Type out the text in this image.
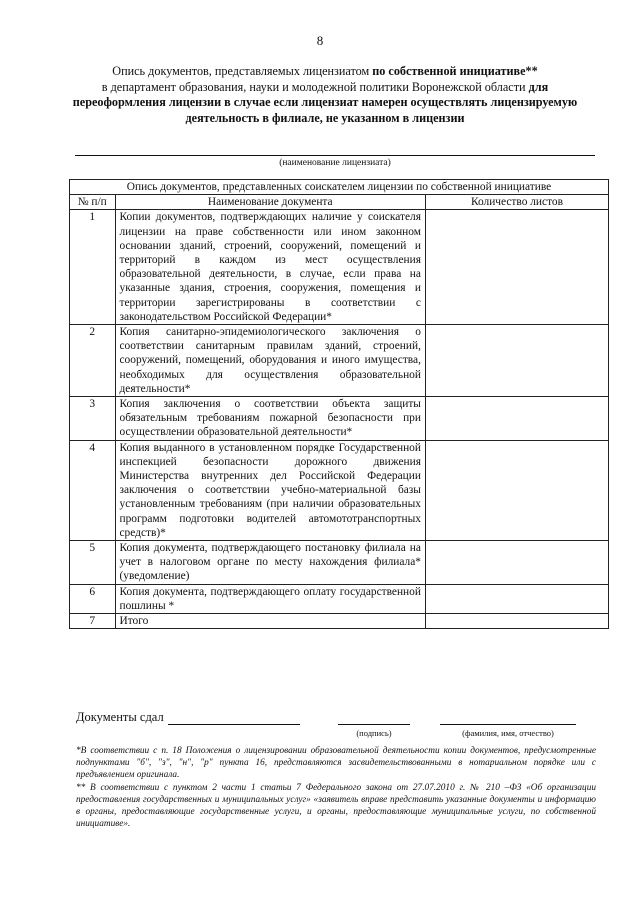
8
Опись документов, представляемых лицензиатом по собственной инициативе**
в департамент образования, науки и молодежной политики Воронежской области для
переоформления лицензии в случае если лицензиат намерен осуществлять лицензируемую деятельность в филиале, не указанном в лицензии
(наименование лицензиата)
Опись документов, представленных соискателем лицензии по собственной инициативе		
№ п/п	Наименование документа	Количество листов
1	Копии документов, подтверждающих наличие у соискателя лицензии на праве собственности или ином законном основании зданий, строений, сооружений, помещений и территорий в каждом из мест осуществления образовательной деятельности, в случае, если права на указанные здания, строения, сооружения, помещения и территории зарегистрированы в соответствии с законодательством Российской Федерации*	
2	Копия санитарно-эпидемиологического заключения о соответствии санитарным правилам зданий, строений, сооружений, помещений, оборудования и иного имущества, необходимых для осуществления образовательной деятельности*	
3	Копия заключения о соответствии объекта защиты обязательным требованиям пожарной безопасности при осуществлении образовательной деятельности*	
4	Копия выданного в установленном порядке Государственной инспекцией безопасности дорожного движения Министерства внутренних дел Российской Федерации заключения о соответствии учебно-материальной базы установленным требованиям (при наличии образовательных программ подготовки водителей автомототранспортных средств)*	
5	Копия документа, подтверждающего постановку филиала на учет в налоговом органе по месту нахождения филиала* (уведомление)	
6	Копия документа, подтверждающего оплату государственной пошлины *	
7	Итого	
Документы сдал
(подпись)	(фамилия, имя, отчество)
*В соответствии с п. 18 Положения о лицензировании образовательной деятельности копии документов, предусмотренные подпунктами "б", "з", "н", "р" пункта 16, представляются засвидетельствованными в нотариальном порядке или с предъявлением оригинала.
** В соответствии с пунктом 2 части 1 статьи 7 Федерального закона от 27.07.2010 г. № 210 –ФЗ «Об организации предоставления государственных и муниципальных услуг» «заявитель вправе представить указанные документы и информацию в органы, предоставляющие государственные услуги, и органы, предоставляющие муниципальные услуги, по собственной инициативе».
